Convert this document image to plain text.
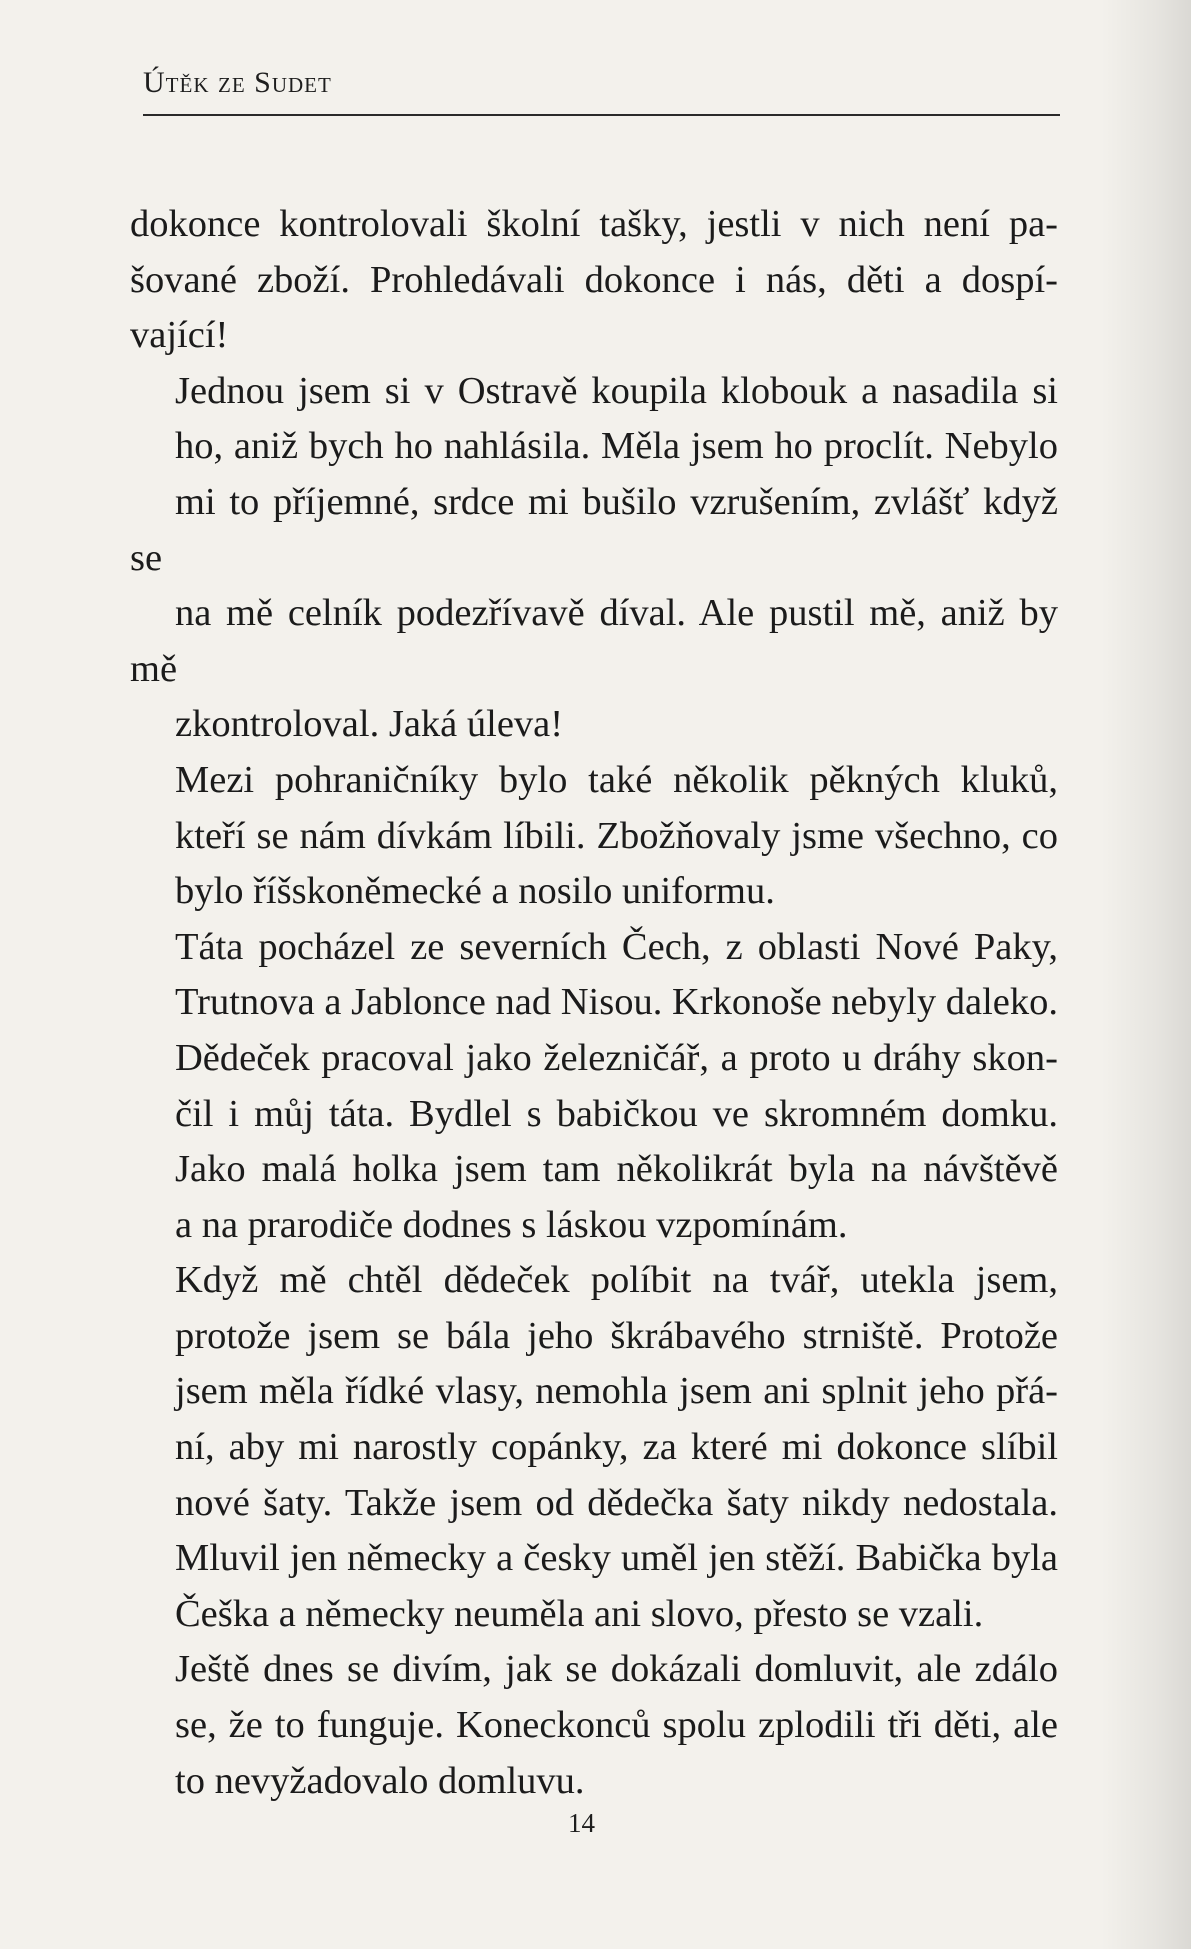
Útěk ze Sudet

dokonce kontrolovali školní tašky, jestli v nich není pa-
šované zboží. Prohledávali dokonce i nás, děti a dospí-
vající!

Jednou jsem si v Ostravě koupila klobouk a nasadila si
ho, aniž bych ho nahlásila. Měla jsem ho proclít. Nebylo
mi to příjemné, srdce mi bušilo vzrušením, zvlášť když se
na mě celník podezřívavě díval. Ale pustil mě, aniž by mě
zkontroloval. Jaká úleva!

Mezi pohraničníky bylo také několik pěkných kluků,
kteří se nám dívkám líbili. Zbožňovaly jsme všechno, co
bylo říšskoněmecké a nosilo uniformu.

Táta pocházel ze severních Čech, z oblasti Nové Paky,
Trutnova a Jablonce nad Nisou. Krkonoše nebyly daleko.
Dědeček pracoval jako železničář, a proto u dráhy skon-
čil i můj táta. Bydlel s babičkou ve skromném domku.
Jako malá holka jsem tam několikrát byla na návštěvě
a na prarodiče dodnes s láskou vzpomínám.

Když mě chtěl dědeček políbit na tvář, utekla jsem,
protože jsem se bála jeho škrábavého strniště. Protože
jsem měla řídké vlasy, nemohla jsem ani splnit jeho přá-
ní, aby mi narostly copánky, za které mi dokonce slíbil
nové šaty. Takže jsem od dědečka šaty nikdy nedostala.
Mluvil jen německy a česky uměl jen stěží. Babička byla
Češka a německy neuměla ani slovo, přesto se vzali.

Ještě dnes se divím, jak se dokázali domluvit, ale zdálo
se, že to funguje. Koneckonců spolu zplodili tři děti, ale
to nevyžadovalo domluvu.

14
